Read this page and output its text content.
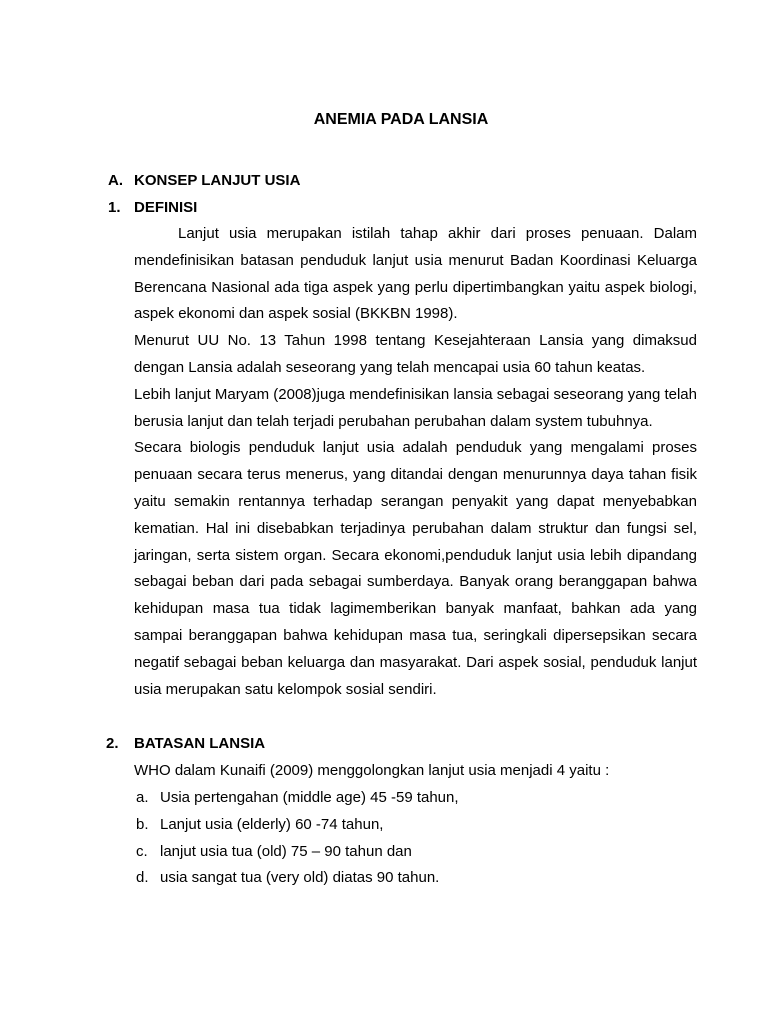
ANEMIA PADA LANSIA
A. KONSEP LANJUT USIA
1. DEFINISI

Lanjut usia merupakan istilah tahap akhir dari proses penuaan. Dalam mendefinisikan batasan penduduk lanjut usia menurut Badan Koordinasi Keluarga Berencana Nasional ada tiga aspek yang perlu dipertimbangkan yaitu aspek biologi, aspek ekonomi dan aspek sosial (BKKBN 1998).

Menurut UU No. 13 Tahun 1998 tentang Kesejahteraan Lansia yang dimaksud dengan Lansia adalah seseorang yang telah mencapai usia 60 tahun keatas.

Lebih lanjut Maryam (2008)juga mendefinisikan lansia sebagai seseorang yang telah berusia lanjut dan telah terjadi perubahan perubahan dalam system tubuhnya.

Secara biologis penduduk lanjut usia adalah penduduk yang mengalami proses penuaan secara terus menerus, yang ditandai dengan menurunnya daya tahan fisik yaitu semakin rentannya terhadap serangan penyakit yang dapat menyebabkan kematian. Hal ini disebabkan terjadinya perubahan dalam struktur dan fungsi sel, jaringan, serta sistem organ. Secara ekonomi,penduduk lanjut usia lebih dipandang sebagai beban dari pada sebagai sumberdaya. Banyak orang beranggapan bahwa kehidupan masa tua tidak lagimemberikan banyak manfaat, bahkan ada yang sampai beranggapan bahwa kehidupan masa tua, seringkali dipersepsikan secara negatif sebagai beban keluarga dan masyarakat. Dari aspek sosial, penduduk lanjut usia merupakan satu kelompok sosial sendiri.

2. BATASAN LANSIA
WHO dalam Kunaifi (2009) menggolongkan lanjut usia menjadi 4 yaitu :
a. Usia pertengahan (middle age) 45 -59 tahun,
b. Lanjut usia (elderly) 60 -74 tahun,
c. lanjut usia tua (old) 75 – 90 tahun dan
d. usia sangat tua (very old) diatas 90 tahun.
